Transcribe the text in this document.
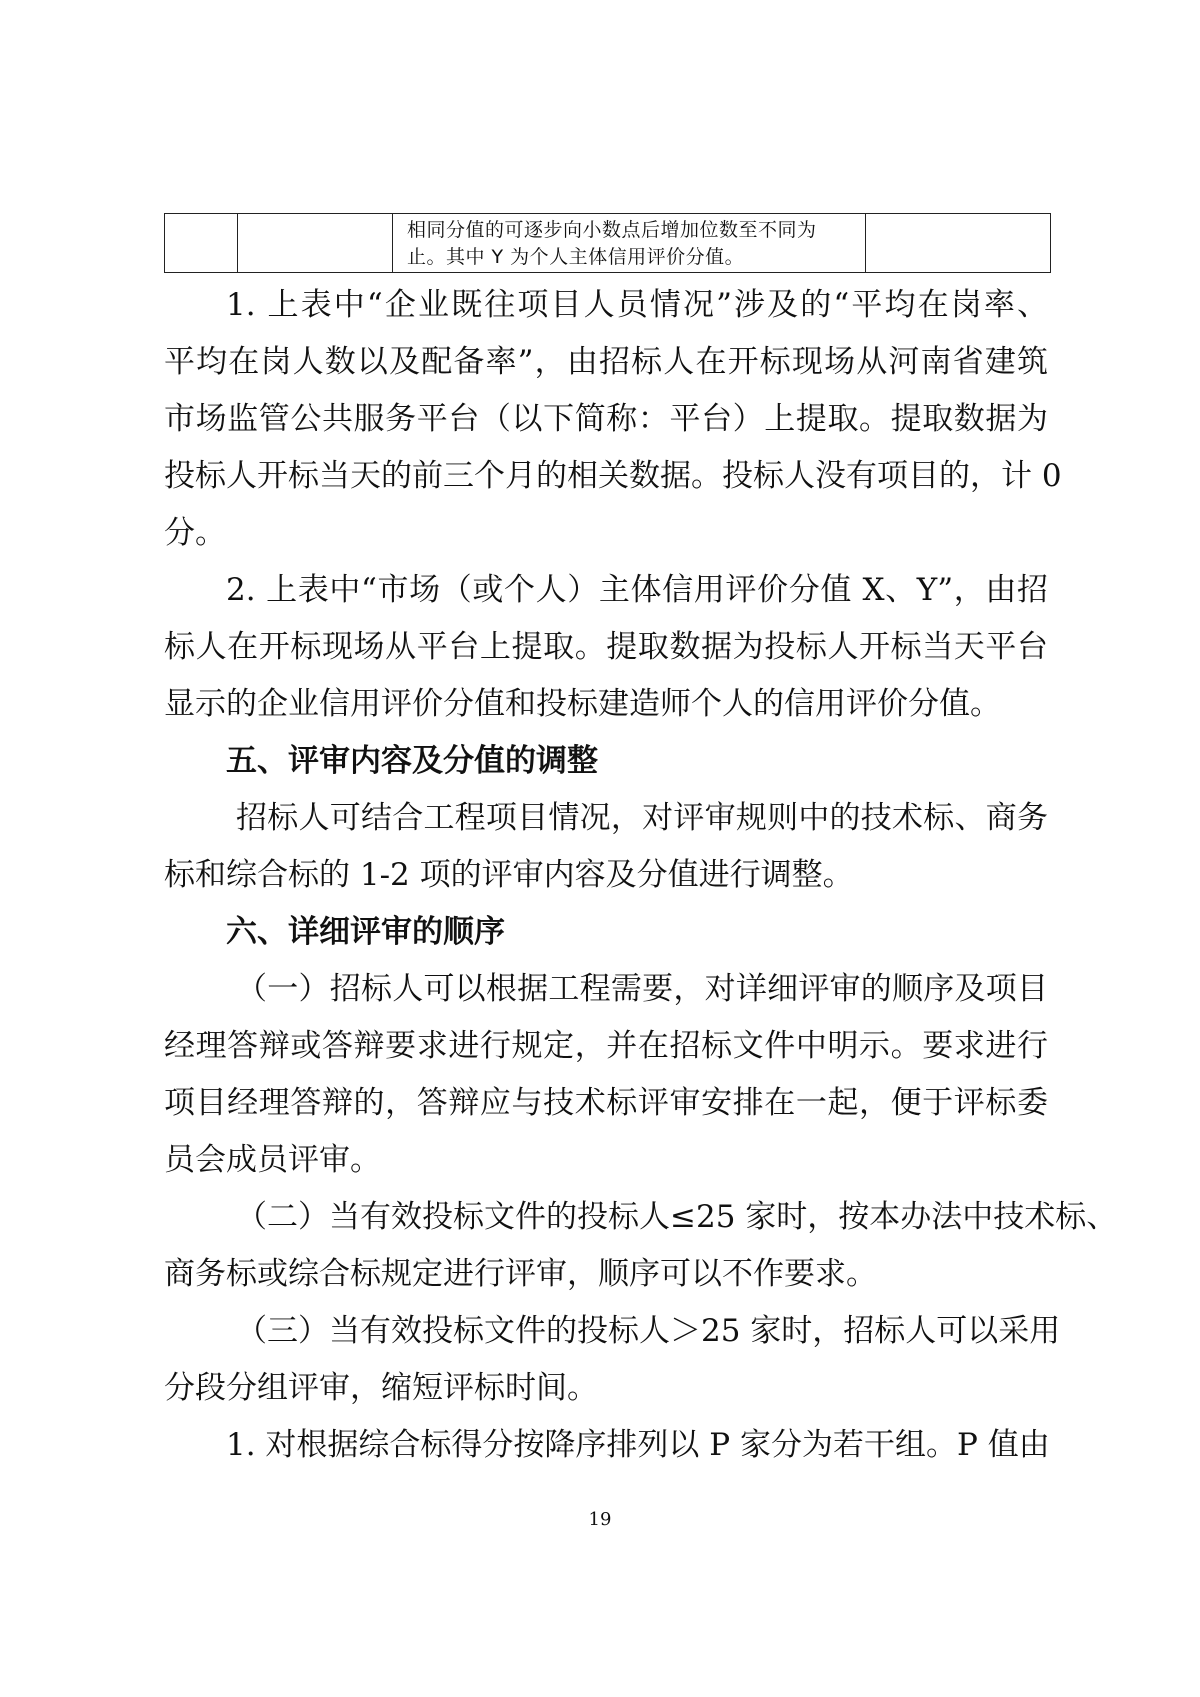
相同分值的可逐步向小数点后增加位数至不同为
止。其中 Y 为个人主体信用评价分值。

1. 上表中“企业既往项目人员情况”涉及的“平均在岗率、
平均在岗人数以及配备率”，由招标人在开标现场从河南省建筑
市场监管公共服务平台（以下简称：平台）上提取。提取数据为
投标人开标当天的前三个月的相关数据。投标人没有项目的，计 0
分。
2. 上表中“市场（或个人）主体信用评价分值 X、Y”，由招
标人在开标现场从平台上提取。提取数据为投标人开标当天平台
显示的企业信用评价分值和投标建造师个人的信用评价分值。
五、评审内容及分值的调整
招标人可结合工程项目情况，对评审规则中的技术标、商务
标和综合标的 1-2 项的评审内容及分值进行调整。
六、详细评审的顺序
（一）招标人可以根据工程需要，对详细评审的顺序及项目
经理答辩或答辩要求进行规定，并在招标文件中明示。要求进行
项目经理答辩的，答辩应与技术标评审安排在一起，便于评标委
员会成员评审。
（二）当有效投标文件的投标人≤25 家时，按本办法中技术标、
商务标或综合标规定进行评审，顺序可以不作要求。
（三）当有效投标文件的投标人＞25 家时，招标人可以采用
分段分组评审，缩短评标时间。
1. 对根据综合标得分按降序排列以 P 家分为若干组。P 值由
19
